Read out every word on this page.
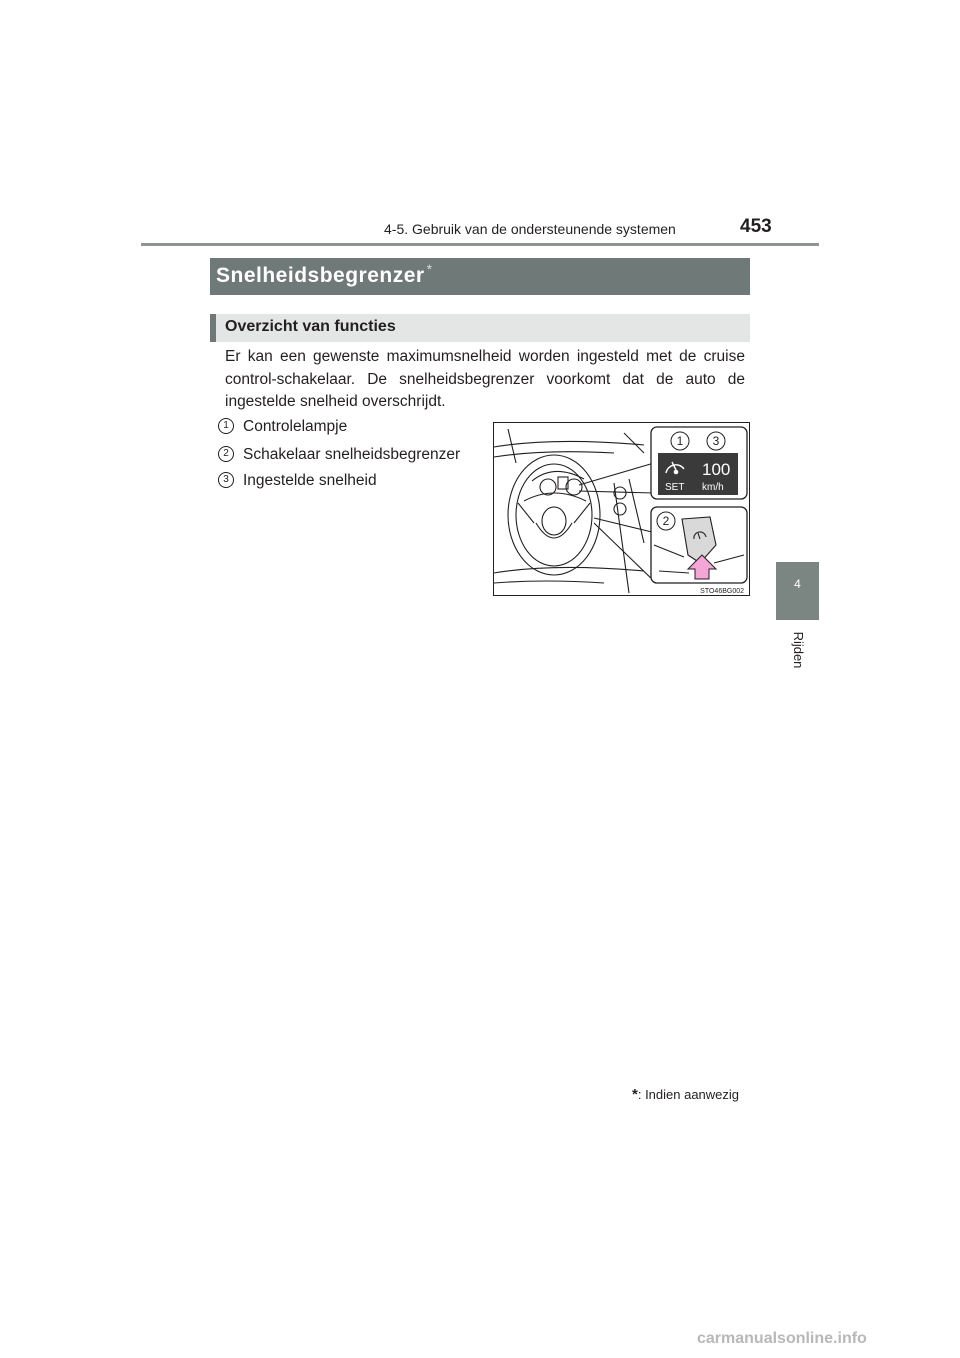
4-5. Gebruik van de ondersteunende systemen	453
4
Rijden
Snelheidsbegrenzer *
Overzicht van functies
Er kan een gewenste maximumsnelheid worden ingesteld met de cruise control-schakelaar. De snelheidsbegrenzer voorkomt dat de auto de ingestelde snelheid overschrijdt.
1 Controlelampje
2 Schakelaar snelheidsbegrenzer
3 Ingestelde snelheid
1 3
100
SET km/h
2
STO46BG002
*: Indien aanwezig
carmanualsonline.info
